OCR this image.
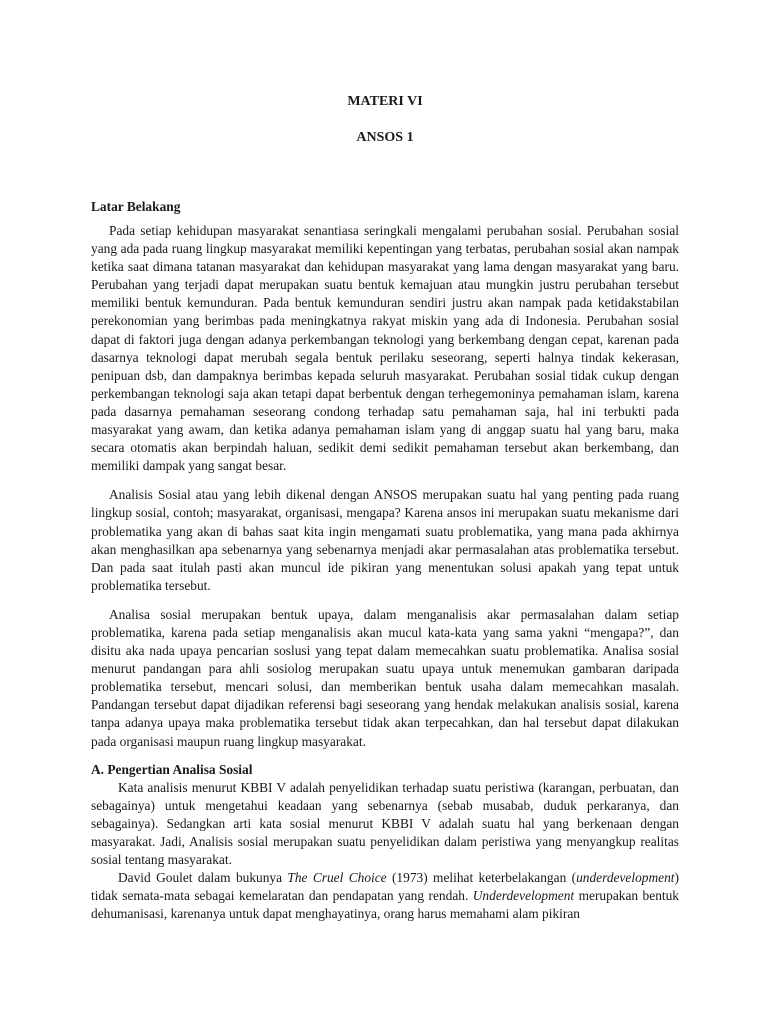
MATERI VI
ANSOS 1
Latar Belakang

Pada setiap kehidupan masyarakat senantiasa seringkali mengalami perubahan sosial. Perubahan sosial yang ada pada ruang lingkup masyarakat memiliki kepentingan yang terbatas, perubahan sosial akan nampak ketika saat dimana tatanan masyarakat dan kehidupan masyarakat yang lama dengan masyarakat yang baru. Perubahan yang terjadi dapat merupakan suatu bentuk kemajuan atau mungkin justru perubahan tersebut memiliki bentuk kemunduran. Pada bentuk kemunduran sendiri justru akan nampak pada ketidakstabilan perekonomian yang berimbas pada meningkatnya rakyat miskin yang ada di Indonesia. Perubahan sosial dapat di faktori juga dengan adanya perkembangan teknologi yang berkembang dengan cepat, karenan pada dasarnya teknologi dapat merubah segala bentuk perilaku seseorang, seperti halnya tindak kekerasan, penipuan dsb, dan dampaknya berimbas kepada seluruh masyarakat. Perubahan sosial tidak cukup dengan perkembangan teknologi saja akan tetapi dapat berbentuk dengan terhegemoninya pemahaman islam, karena pada dasarnya pemahaman seseorang condong terhadap satu pemahaman saja, hal ini terbukti pada masyarakat yang awam, dan ketika adanya pemahaman islam yang di anggap suatu hal yang baru, maka secara otomatis akan berpindah haluan, sedikit demi sedikit pemahaman tersebut akan berkembang, dan memiliki dampak yang sangat besar.

Analisis Sosial atau yang lebih dikenal dengan ANSOS merupakan suatu hal yang penting pada ruang lingkup sosial, contoh; masyarakat, organisasi, mengapa? Karena ansos ini merupakan suatu mekanisme dari problematika yang akan di bahas saat kita ingin mengamati suatu problematika, yang mana pada akhirnya akan menghasilkan apa sebenarnya yang sebenarnya menjadi akar permasalahan atas problematika tersebut. Dan pada saat itulah pasti akan muncul ide pikiran yang menentukan solusi apakah yang tepat untuk problematika tersebut.

Analisa sosial merupakan bentuk upaya, dalam menganalisis akar permasalahan dalam setiap problematika, karena pada setiap menganalisis akan mucul kata-kata yang sama yakni “mengapa?”, dan disitu aka nada upaya pencarian soslusi yang tepat dalam memecahkan suatu problematika. Analisa sosial menurut pandangan para ahli sosiolog merupakan suatu upaya untuk menemukan gambaran daripada problematika tersebut, mencari solusi, dan memberikan bentuk usaha dalam memecahkan masalah. Pandangan tersebut dapat dijadikan referensi bagi seseorang yang hendak melakukan analisis sosial, karena tanpa adanya upaya maka problematika tersebut tidak akan terpecahkan, dan hal tersebut dapat dilakukan pada organisasi maupun ruang lingkup masyarakat.

A. Pengertian Analisa Sosial

Kata analisis menurut KBBI V adalah penyelidikan terhadap suatu peristiwa (karangan, perbuatan, dan sebagainya) untuk mengetahui keadaan yang sebenarnya (sebab musabab, duduk perkaranya, dan sebagainya). Sedangkan arti kata sosial menurut KBBI V adalah suatu hal yang berkenaan dengan masyarakat. Jadi, Analisis sosial merupakan suatu penyelidikan dalam peristiwa yang menyangkup realitas sosial tentang masyarakat.

David Goulet dalam bukunya The Cruel Choice (1973) melihat keterbelakangan (underdevelopment) tidak semata-mata sebagai kemelaratan dan pendapatan yang rendah. Underdevelopment merupakan bentuk dehumanisasi, karenanya untuk dapat menghayatinya, orang harus memahami alam pikiran
